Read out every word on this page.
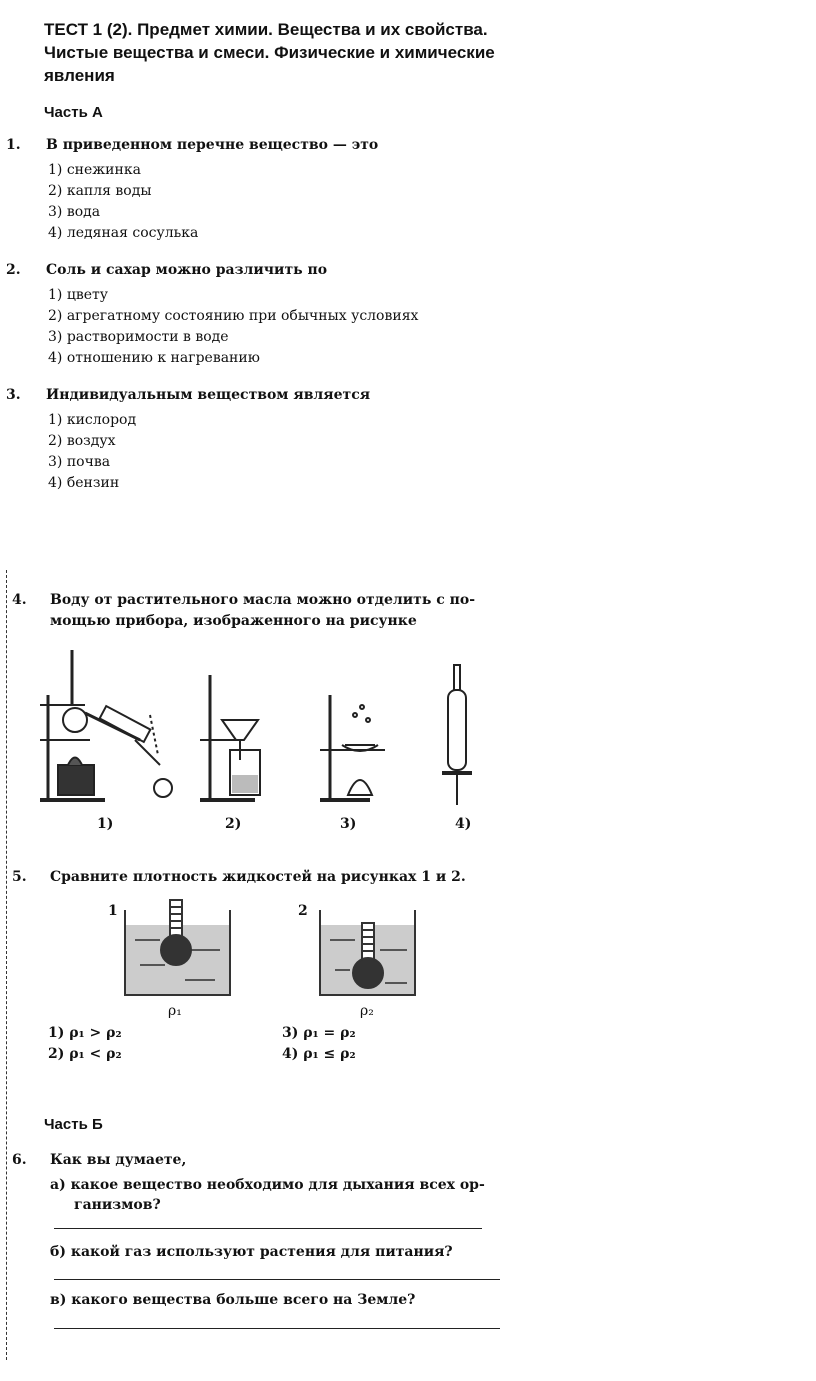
ТЕСТ 1 (2). Предмет химии. Вещества и их свойства. Чистые вещества и смеси. Физические и химические явления
Часть А
1. В приведенном перечне вещество — это
1) снежинка
2) капля воды
3) вода
4) ледяная сосулька
2. Соль и сахар можно различить по
1) цвету
2) агрегатному состоянию при обычных условиях
3) растворимости в воде
4) отношению к нагреванию
3. Индивидуальным веществом является
1) кислород
2) воздух
3) почва
4) бензин
4. Воду от растительного масла можно отделить с по-
мощью прибора, изображенного на рисунке
1)	2)	3)	4)
5. Сравните плотность жидкостей на рисунках 1 и 2.
1	2
ρ₁	ρ₂
1) ρ₁ > ρ₂
2) ρ₁ < ρ₂
3) ρ₁ = ρ₂
4) ρ₁ ≤ ρ₂
Часть Б
6. Как вы думаете,
а) какое вещество необходимо для дыхания всех ор-
ганизмов?
б) какой газ используют растения для питания?
в) какого вещества больше всего на Земле?
